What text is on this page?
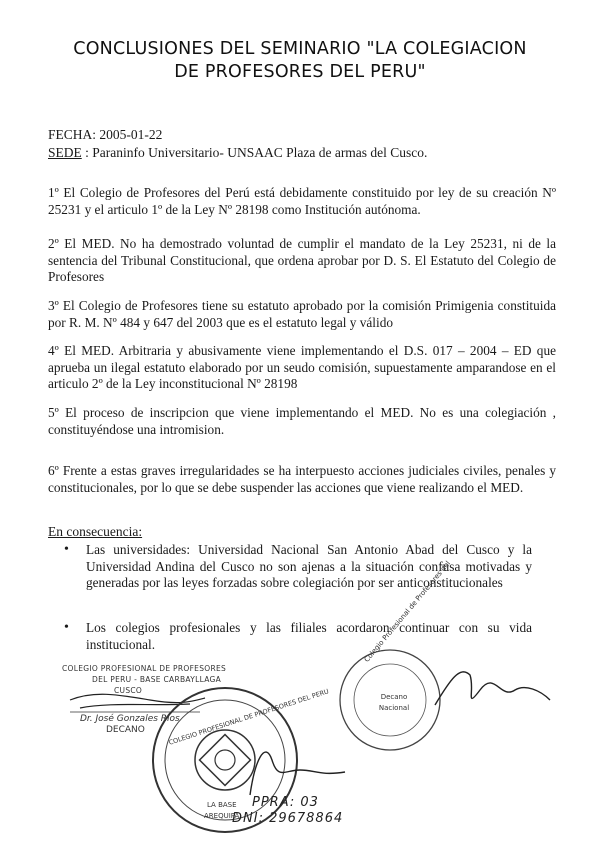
CONCLUSIONES DEL SEMINARIO "LA COLEGIACION
DE PROFESORES DEL PERU"
FECHA: 2005-01-22
SEDE : Paraninfo Universitario- UNSAAC Plaza de armas del Cusco.
1º El Colegio de Profesores del Perú está debidamente constituido por ley de su creación Nº 25231 y el articulo 1º de la Ley Nº 28198 como Institución autónoma.
2º El MED. No ha demostrado voluntad de cumplir el mandato de la Ley 25231, ni de la sentencia del Tribunal Constitucional, que ordena aprobar por D. S. El Estatuto del Colegio de Profesores
3º El Colegio de Profesores tiene su estatuto aprobado por la comisión Primigenia constituida por R. M. Nº 484 y 647 del 2003 que es el estatuto legal y válido
4º El MED. Arbitraria y abusivamente viene implementando el D.S. 017 – 2004 – ED que aprueba un ilegal estatuto elaborado por un seudo comisión, supuestamente amparandose en el articulo 2º de la Ley inconstitucional Nº 28198
5º El proceso de inscripcion que viene implementando el MED. No es una colegiación , constituyéndose una intromision.
6º Frente a estas graves irregularidades se ha interpuesto acciones judiciales civiles, penales y constitucionales, por lo que se debe suspender las acciones que viene realizando el MED.
En consecuencia:
• Las universidades: Universidad Nacional San Antonio Abad del Cusco y la Universidad Andina del Cusco no son ajenas a la situación confusa motivadas y generadas por las leyes forzadas sobre colegiación por ser anticonstitucionales
• Los colegios profesionales y las filiales acordaron continuar con su vida institucional.
COLEGIO PROFESIONAL DE PROFESORES
DEL PERU - BASE CARBAYLLAGA
CUSCO
Dr. José Gonzales Ríos
DECANO
Colegio Profesional de Profesores del
Decano Nacional
COLEGIO PROFESIONAL DE PROFESORES DEL PERU
LA BASE
AREQUIPA
PPRA: 03
DNI: 29678864
